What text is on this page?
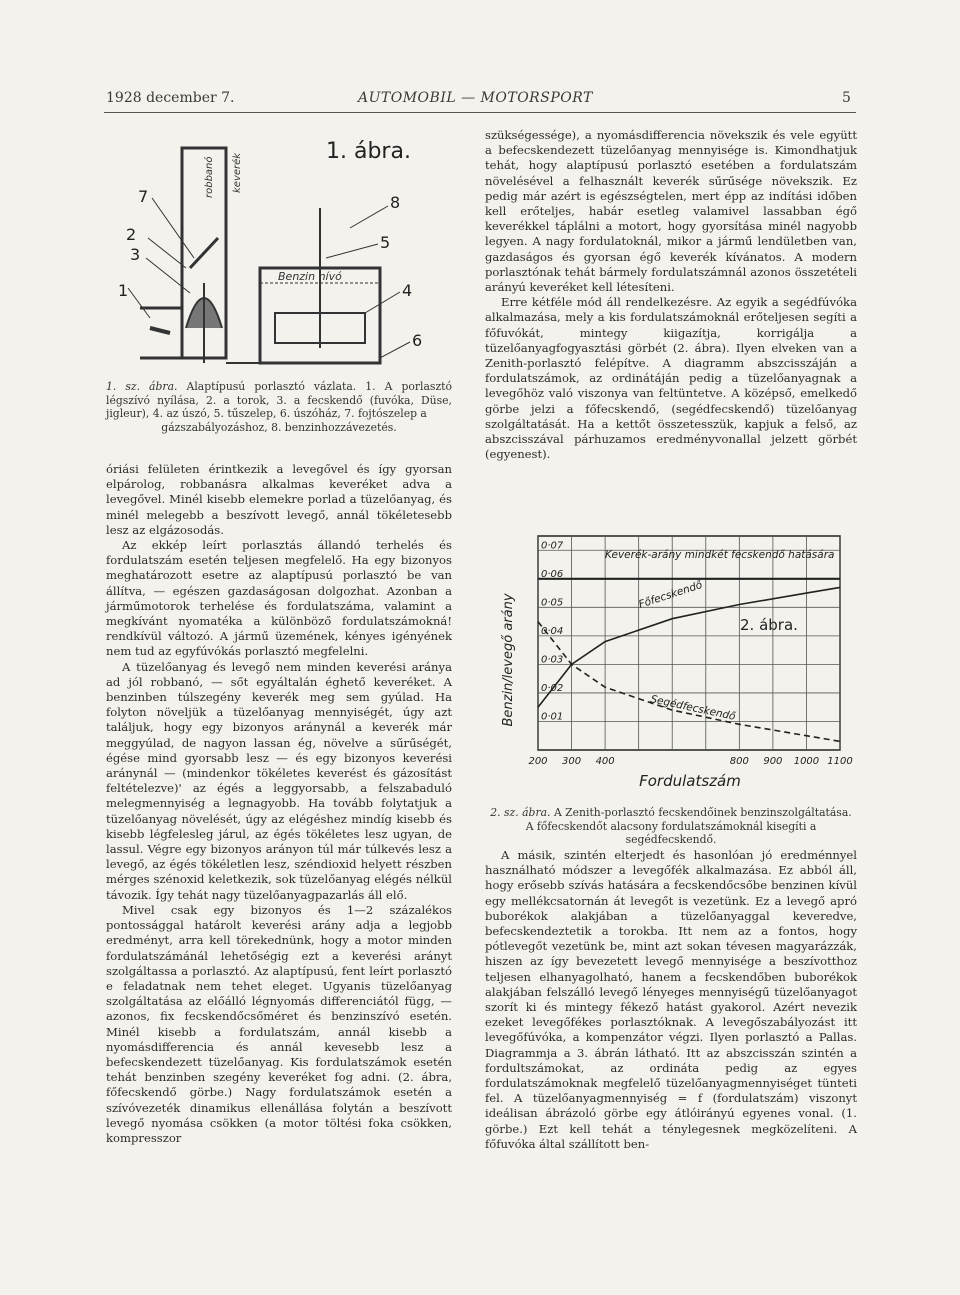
1928 december 7.	AUTOMOBIL — MOTORSPORT	5
1. ábra.
Benzin nívó
robbanó keverék
1
2
3
4
5
6
7	8
1. sz. ábra. Alaptípusú porlasztó vázlata. 1. A porlasztó légszívó nyílása, 2. a torok, 3. a fecskendő (fuvóka, Düse, jigleur), 4. az úszó, 5. tűszelep, 6. úszóház, 7. fojtószelep a
gázszabályozáshoz, 8. benzinhozzávezetés.

óriási felületen érintkezik a levegővel és így gyorsan elpárolog, robbanásra alkalmas keveréket adva a levegővel. Minél kisebb elemekre porlad a tüzelőanyag, és minél melegebb a beszívott levegő, annál tökéletesebb lesz az elgázosodás.

Az ekkép leírt porlasztás állandó terhelés és fordulatszám esetén teljesen megfelelő. Ha egy bizonyos meghatározott esetre az alaptípusú porlasztó be van állítva, — egészen gazdaságosan dolgozhat. Azonban a járműmotorok terhelése és fordulatszáma, valamint a megkívánt nyomatéka a különböző fordulatszámokná! rendkívül változó. A jármű üzemének, kényes igényének nem tud az egyfúvókás porlasztó megfelelni.

A tüzelőanyag és levegő nem minden keverési aránya ad jól robbanó, — sőt egyáltalán éghető keveréket. A benzinben túlszegény keverék meg sem gyúlad. Ha folyton növeljük a tüzelőanyag mennyiségét, úgy azt találjuk, hogy egy bizonyos aránynál a keverék már meggyúlad, de nagyon lassan ég, növelve a sűrűségét, égése mind gyorsabb lesz — és egy bizonyos keverési aránynál — (mindenkor tökéletes keverést és gázosítást feltételezve)' az égés a leggyorsabb, a felszabaduló melegmennyiség a legnagyobb. Ha tovább folytatjuk a tüzelőanyag növelését, úgy az elégéshez mindíg kisebb és kisebb légfelesleg járul, az égés tökéletes lesz ugyan, de lassul. Végre egy bizonyos arányon túl már túlkevés lesz a levegő, az égés tökéletlen lesz, széndioxid helyett részben mérges szénoxid keletkezik, sok tüzelőanyag elégés nélkül távozik. Így tehát nagy tüzelőanyagpazarlás áll elő.

Mivel csak egy bizonyos és 1—2 százalékos pontossággal határolt keverési arány adja a legjobb eredményt, arra kell törekednünk, hogy a motor minden fordulatszámánál lehetőségig ezt a keverési arányt szolgáltassa a porlasztó. Az alaptípusú, fent leírt porlasztó e feladatnak nem tehet eleget. Ugyanis tüzelőanyag szolgáltatása az előálló légnyomás differenciától függ, — azonos, fix fecskendőcsőméret és benzinszívó esetén. Minél kisebb a fordulatszám, annál kisebb a nyomásdifferencia és annál kevesebb lesz a befecskendezett tüzelőanyag. Kis fordulatszámok esetén tehát benzinben szegény keveréket fog adni. (2. ábra, főfecskendő görbe.) Nagy fordulatszámok esetén a szívóvezeték dinamikus ellenállása folytán a beszívott levegő nyomása csökken (a motor töltési foka csökken, kompresszor

szükségessége), a nyomásdifferencia növekszik és vele együtt a befecskendezett tüzelőanyag mennyisége is. Kimondhatjuk tehát, hogy alaptípusú porlasztó esetében a fordulatszám növelésével a felhasznált keverék sűrűsége növekszik. Ez pedig már azért is egészségtelen, mert épp az indítási időben kell erőteljes, habár esetleg valamivel lassabban égő keverékkel táplálni a motort, hogy gyorsítása minél nagyobb legyen. A nagy fordulatoknál, mikor a jármű lendületben van, gazdaságos és gyorsan égő keverék kívánatos. A modern porlasztónak tehát bármely fordulatszámnál azonos összetételi arányú keveréket kell létesíteni.

Erre kétféle mód áll rendelkezésre. Az egyik a segédfúvóka alkalmazása, mely a kis fordulatszámoknál erőteljesen segíti a főfuvókát, mintegy kiigazítja, korrigálja a tüzelőanyagfogyasztási görbét (2. ábra). Ilyen elveken van a Zenith-porlasztó felépítve. A diagramm abszcisszáján a fordulatszámok, az ordinátáján pedig a tüzelőanyagnak a levegőhöz való viszonya van feltüntetve. A középső, emelkedő görbe jelzi a főfecskendő, (segédfecskendő) tüzelőanyag szolgáltatását. Ha a kettőt összetesszük, kapjuk a felső, az abszcisszával párhuzamos eredményvonallal jelzett görbét (egyenest).

Benzin/levegő arány
Fordulatszám
2. ábra.
0·07
0·06
0·05
0·04
0·03
0·02
0·01
200 300 400	800 900 1000 1100
Keverék-arány mindkét fecskendő hatására
Főfecskendő
Segédfecskendő
2. sz. ábra. A Zenith-porlasztó fecskendőinek benzinszolgáltatása. A főfecskendőt alacsony fordulatszámoknál kisegíti a segédfecskendő.

A másik, szintén elterjedt és hasonlóan jó eredménnyel használható módszer a levegőfék alkalmazása. Ez abból áll, hogy erősebb szívás hatására a fecskendőcsőbe benzinen kívül egy mellékcsatornán át levegőt is vezetünk. Ez a levegő apró buborékok alakjában a tüzelőanyaggal keveredve, befecskendeztetik a torokba. Itt nem az a fontos, hogy pótlevegőt vezetünk be, mint azt sokan tévesen magyarázzák, hiszen az így bevezetett levegő mennyisége a beszívotthoz teljesen elhanyagolható, hanem a fecskendőben buborékok alakjában felszálló levegő lényeges mennyiségű tüzelőanyagot szorít ki és mintegy fékező hatást gyakorol. Azért nevezik ezeket levegőfékes porlasztóknak. A levegőszabályozást itt levegőfúvóka, a kompenzátor végzi. Ilyen porlasztó a Pallas. Diagrammja a 3. ábrán látható. Itt az abszcisszán szintén a fordultszámokat, az ordináta pedig az egyes fordulatszámoknak megfelelő tüzelőanyagmennyiséget tünteti fel. A tüzelőanyagmennyiség = f (fordulatszám) viszonyt ideálisan ábrázoló görbe egy átlóirányú egyenes vonal. (1. görbe.) Ezt kell tehát a ténylegesnek megközelíteni. A főfuvóka által szállított ben-
